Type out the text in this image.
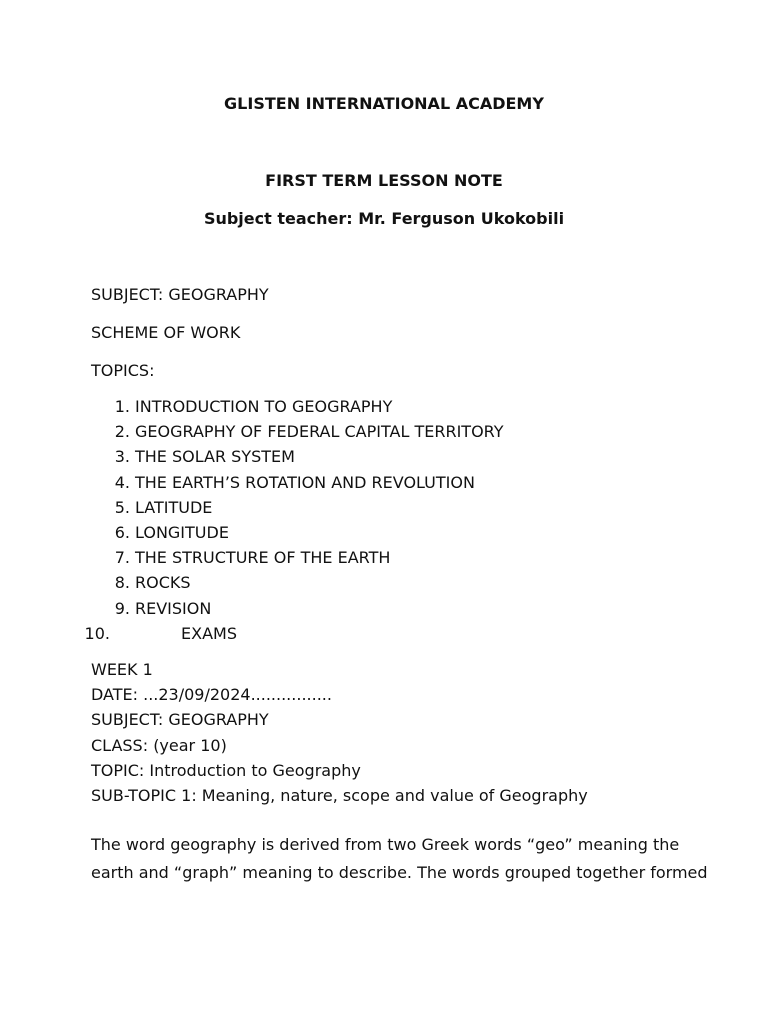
GLISTEN INTERNATIONAL ACADEMY
FIRST TERM LESSON NOTE
Subject teacher: Mr. Ferguson Ukokobili

SUBJECT: GEOGRAPHY

SCHEME OF WORK

TOPICS:

1. INTRODUCTION TO GEOGRAPHY
2. GEOGRAPHY OF FEDERAL CAPITAL TERRITORY
3. THE SOLAR SYSTEM
4. THE EARTH’S ROTATION AND REVOLUTION
5. LATITUDE
6. LONGITUDE
7. THE STRUCTURE OF THE EARTH
8. ROCKS
9. REVISION
10.	EXAMS

WEEK 1

DATE: ...23/09/2024................

SUBJECT: GEOGRAPHY

CLASS: (year 10)

TOPIC: Introduction to Geography

SUB-TOPIC 1: Meaning, nature, scope and value of Geography

The word geography is derived from two Greek words “geo” meaning the

earth and “graph” meaning to describe. The words grouped together formed
